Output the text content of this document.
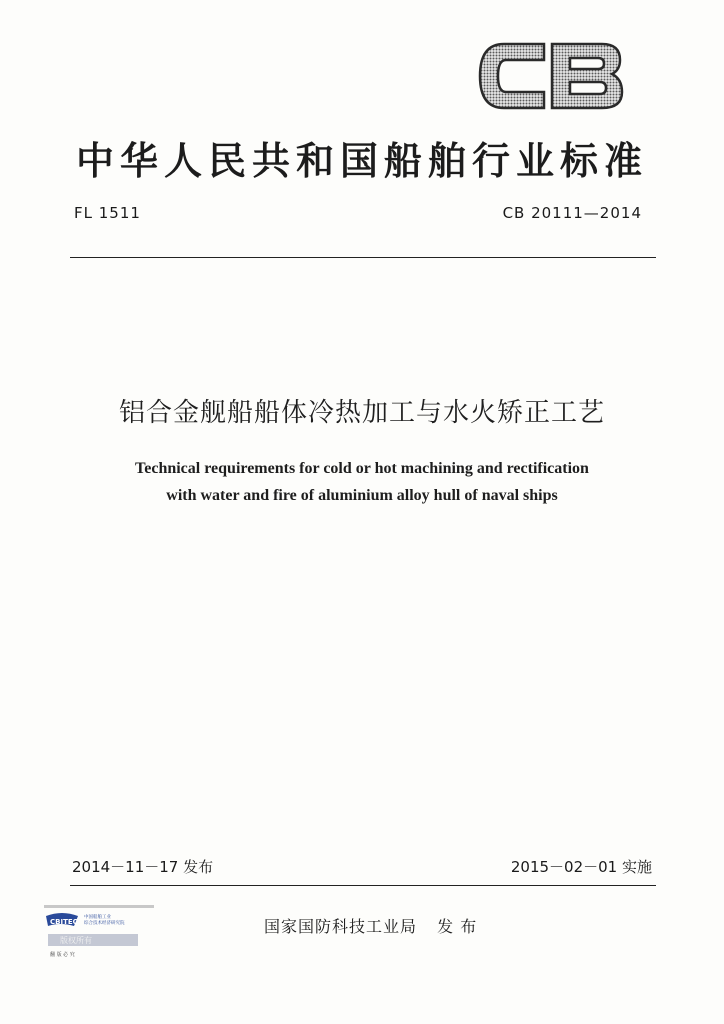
中华人民共和国船舶行业标准
FL 1511	CB 20111—2014
铝合金舰船船体冷热加工与水火矫正工艺
Technical requirements for cold or hot machining and rectification
with water and fire of aluminium alloy hull of naval ships
2014－11－17 发布	2015－02－01 实施
国家国防科技工业局 发 布
CBITEC
中国船舶工业
综合技术经济研究院
版权所有
翻 版 必 究
